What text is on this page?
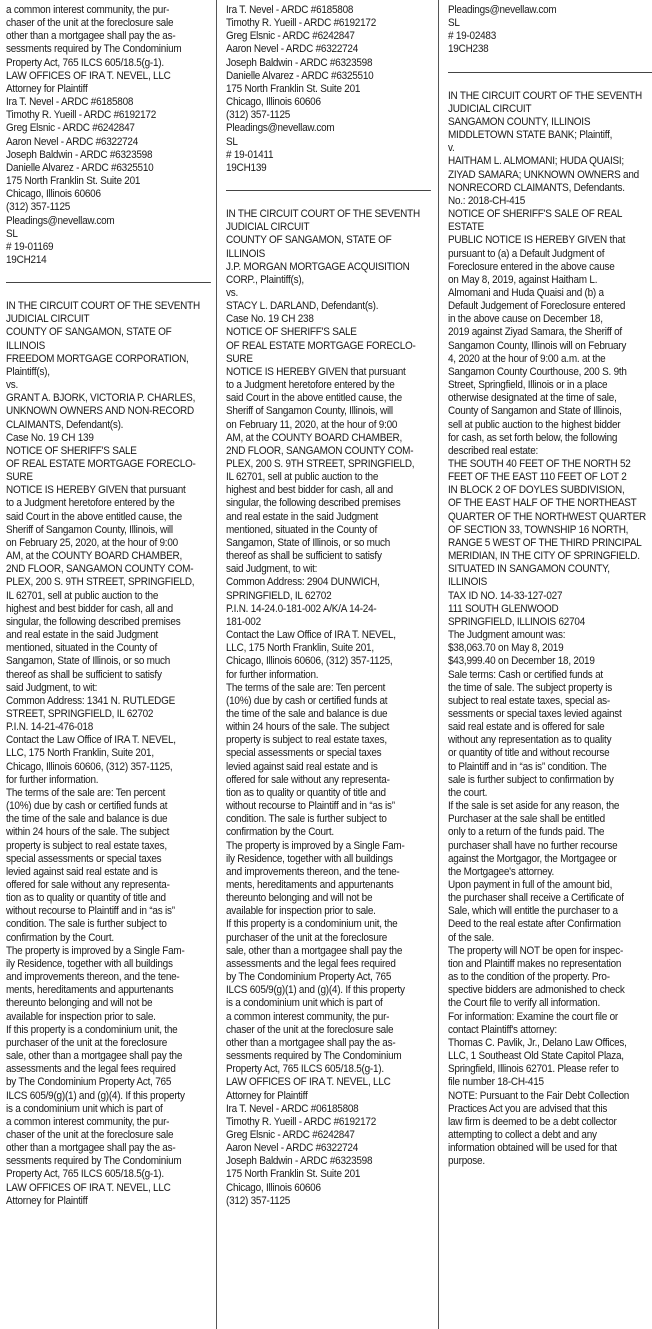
a common interest community, the pur-
chaser of the unit at the foreclosure sale
other than a mortgagee shall pay the as-
sessments required by The Condominium
Property Act, 765 ILCS 605/18.5(g-1).
LAW OFFICES OF IRA T. NEVEL, LLC
Attorney for Plaintiff
Ira T. Nevel - ARDC #6185808
Timothy R. Yueill - ARDC #6192172
Greg Elsnic - ARDC #6242847
Aaron Nevel - ARDC #6322724
Joseph Baldwin - ARDC #6323598
Danielle Alvarez - ARDC #6325510
175 North Franklin St. Suite 201
Chicago, Illinois 60606
(312) 357-1125
Pleadings@nevellaw.com
SL
# 19-01169
19CH214
IN THE CIRCUIT COURT OF THE SEVENTH
JUDICIAL CIRCUIT
COUNTY OF SANGAMON, STATE OF
ILLINOIS
FREEDOM MORTGAGE CORPORATION,
Plaintiff(s),
vs.
GRANT A. BJORK, VICTORIA P. CHARLES,
UNKNOWN OWNERS AND NON-RECORD
CLAIMANTS, Defendant(s).
Case No. 19 CH 139
NOTICE OF SHERIFF'S SALE
OF REAL ESTATE MORTGAGE FORECLO-
SURE
NOTICE IS HEREBY GIVEN that pursuant
to a Judgment heretofore entered by the
said Court in the above entitled cause, the
Sheriff of Sangamon County, Illinois, will
on February 25, 2020, at the hour of 9:00
AM, at the COUNTY BOARD CHAMBER,
2ND FLOOR, SANGAMON COUNTY COM-
PLEX, 200 S. 9TH STREET, SPRINGFIELD,
IL 62701, sell at public auction to the
highest and best bidder for cash, all and
singular, the following described premises
and real estate in the said Judgment
mentioned, situated in the County of
Sangamon, State of Illinois, or so much
thereof as shall be sufficient to satisfy
said Judgment, to wit:
Common Address: 1341 N. RUTLEDGE
STREET, SPRINGFIELD, IL 62702
P.I.N. 14-21-476-018
Contact the Law Office of IRA T. NEVEL,
LLC, 175 North Franklin, Suite 201,
Chicago, Illinois 60606, (312) 357-1125,
for further information.
The terms of the sale are: Ten percent
(10%) due by cash or certified funds at
the time of the sale and balance is due
within 24 hours of the sale. The subject
property is subject to real estate taxes,
special assessments or special taxes
levied against said real estate and is
offered for sale without any representa-
tion as to quality or quantity of title and
without recourse to Plaintiff and in “as is”
condition. The sale is further subject to
confirmation by the Court.
The property is improved by a Single Fam-
ily Residence, together with all buildings
and improvements thereon, and the tene-
ments, hereditaments and appurtenants
thereunto belonging and will not be
available for inspection prior to sale.
If this property is a condominium unit, the
purchaser of the unit at the foreclosure
sale, other than a mortgagee shall pay the
assessments and the legal fees required
by The Condominium Property Act, 765
ILCS 605/9(g)(1) and (g)(4). If this property
is a condominium unit which is part of
a common interest community, the pur-
chaser of the unit at the foreclosure sale
other than a mortgagee shall pay the as-
sessments required by The Condominium
Property Act, 765 ILCS 605/18.5(g-1).
LAW OFFICES OF IRA T. NEVEL, LLC
Attorney for Plaintiff
Ira T. Nevel - ARDC #6185808
Timothy R. Yueill - ARDC #6192172
Greg Elsnic - ARDC #6242847
Aaron Nevel - ARDC #6322724
Joseph Baldwin - ARDC #6323598
Danielle Alvarez - ARDC #6325510
175 North Franklin St. Suite 201
Chicago, Illinois 60606
(312) 357-1125
Pleadings@nevellaw.com
SL
# 19-01411
19CH139
IN THE CIRCUIT COURT OF THE SEVENTH
JUDICIAL CIRCUIT
COUNTY OF SANGAMON, STATE OF
ILLINOIS
J.P. MORGAN MORTGAGE ACQUISITION
CORP., Plaintiff(s),
vs.
STACY L. DARLAND, Defendant(s).
Case No. 19 CH 238
NOTICE OF SHERIFF'S SALE
OF REAL ESTATE MORTGAGE FORECLO-
SURE
NOTICE IS HEREBY GIVEN that pursuant
to a Judgment heretofore entered by the
said Court in the above entitled cause, the
Sheriff of Sangamon County, Illinois, will
on February 11, 2020, at the hour of 9:00
AM, at the COUNTY BOARD CHAMBER,
2ND FLOOR, SANGAMON COUNTY COM-
PLEX, 200 S. 9TH STREET, SPRINGFIELD,
IL 62701, sell at public auction to the
highest and best bidder for cash, all and
singular, the following described premises
and real estate in the said Judgment
mentioned, situated in the County of
Sangamon, State of Illinois, or so much
thereof as shall be sufficient to satisfy
said Judgment, to wit:
Common Address: 2904 DUNWICH,
SPRINGFIELD, IL 62702
P.I.N. 14-24.0-181-002 A/K/A 14-24-
181-002
Contact the Law Office of IRA T. NEVEL,
LLC, 175 North Franklin, Suite 201,
Chicago, Illinois 60606, (312) 357-1125,
for further information.
The terms of the sale are: Ten percent
(10%) due by cash or certified funds at
the time of the sale and balance is due
within 24 hours of the sale. The subject
property is subject to real estate taxes,
special assessments or special taxes
levied against said real estate and is
offered for sale without any representa-
tion as to quality or quantity of title and
without recourse to Plaintiff and in “as is”
condition. The sale is further subject to
confirmation by the Court.
The property is improved by a Single Fam-
ily Residence, together with all buildings
and improvements thereon, and the tene-
ments, hereditaments and appurtenants
thereunto belonging and will not be
available for inspection prior to sale.
If this property is a condominium unit, the
purchaser of the unit at the foreclosure
sale, other than a mortgagee shall pay the
assessments and the legal fees required
by The Condominium Property Act, 765
ILCS 605/9(g)(1) and (g)(4). If this property
is a condominium unit which is part of
a common interest community, the pur-
chaser of the unit at the foreclosure sale
other than a mortgagee shall pay the as-
sessments required by The Condominium
Property Act, 765 ILCS 605/18.5(g-1).
LAW OFFICES OF IRA T. NEVEL, LLC
Attorney for Plaintiff
Ira T. Nevel - ARDC #06185808
Timothy R. Yueill - ARDC #6192172
Greg Elsnic - ARDC #6242847
Aaron Nevel - ARDC #6322724
Joseph Baldwin - ARDC #6323598
175 North Franklin St. Suite 201
Chicago, Illinois 60606
(312) 357-1125
Pleadings@nevellaw.com
SL
# 19-02483
19CH238
IN THE CIRCUIT COURT OF THE SEVENTH
JUDICIAL CIRCUIT
SANGAMON COUNTY, ILLINOIS
MIDDLETOWN STATE BANK; Plaintiff,
v.
HAITHAM L. ALMOMANI; HUDA QUAISI;
ZIYAD SAMARA; UNKNOWN OWNERS and
NONRECORD CLAIMANTS, Defendants.
No.: 2018-CH-415
NOTICE OF SHERIFF'S SALE OF REAL
ESTATE
PUBLIC NOTICE IS HEREBY GIVEN that
pursuant to (a) a Default Judgment of
Foreclosure entered in the above cause
on May 8, 2019, against Haitham L.
Almomani and Huda Quaisi and (b) a
Default Judgement of Foreclosure entered
in the above cause on December 18,
2019 against Ziyad Samara, the Sheriff of
Sangamon County, Illinois will on February
4, 2020 at the hour of 9:00 a.m. at the
Sangamon County Courthouse, 200 S. 9th
Street, Springfield, Illinois or in a place
otherwise designated at the time of sale,
County of Sangamon and State of Illinois,
sell at public auction to the highest bidder
for cash, as set forth below, the following
described real estate:
THE SOUTH 40 FEET OF THE NORTH 52
FEET OF THE EAST 110 FEET OF LOT 2
IN BLOCK 2 OF DOYLES SUBDIVISION,
OF THE EAST HALF OF THE NORTHEAST
QUARTER OF THE NORTHWEST QUARTER
OF SECTION 33, TOWNSHIP 16 NORTH,
RANGE 5 WEST OF THE THIRD PRINCIPAL
MERIDIAN, IN THE CITY OF SPRINGFIELD.
SITUATED IN SANGAMON COUNTY,
ILLINOIS
TAX ID NO. 14-33-127-027
111 SOUTH GLENWOOD
SPRINGFIELD, ILLINOIS 62704
The Judgment amount was:
$38,063.70 on May 8, 2019
$43,999.40 on December 18, 2019
Sale terms: Cash or certified funds at
the time of sale. The subject property is
subject to real estate taxes, special as-
sessments or special taxes levied against
said real estate and is offered for sale
without any representation as to quality
or quantity of title and without recourse
to Plaintiff and in “as is” condition. The
sale is further subject to confirmation by
the court.
If the sale is set aside for any reason, the
Purchaser at the sale shall be entitled
only to a return of the funds paid. The
purchaser shall have no further recourse
against the Mortgagor, the Mortgagee or
the Mortgagee's attorney.
Upon payment in full of the amount bid,
the purchaser shall receive a Certificate of
Sale, which will entitle the purchaser to a
Deed to the real estate after Confirmation
of the sale.
The property will NOT be open for inspec-
tion and Plaintiff makes no representation
as to the condition of the property. Pro-
spective bidders are admonished to check
the Court file to verify all information.
For information: Examine the court file or
contact Plaintiff's attorney:
Thomas C. Pavlik, Jr., Delano Law Offices,
LLC, 1 Southeast Old State Capitol Plaza,
Springfield, Illinois 62701. Please refer to
file number 18-CH-415
NOTE: Pursuant to the Fair Debt Collection
Practices Act you are advised that this
law firm is deemed to be a debt collector
attempting to collect a debt and any
information obtained will be used for that
purpose.
